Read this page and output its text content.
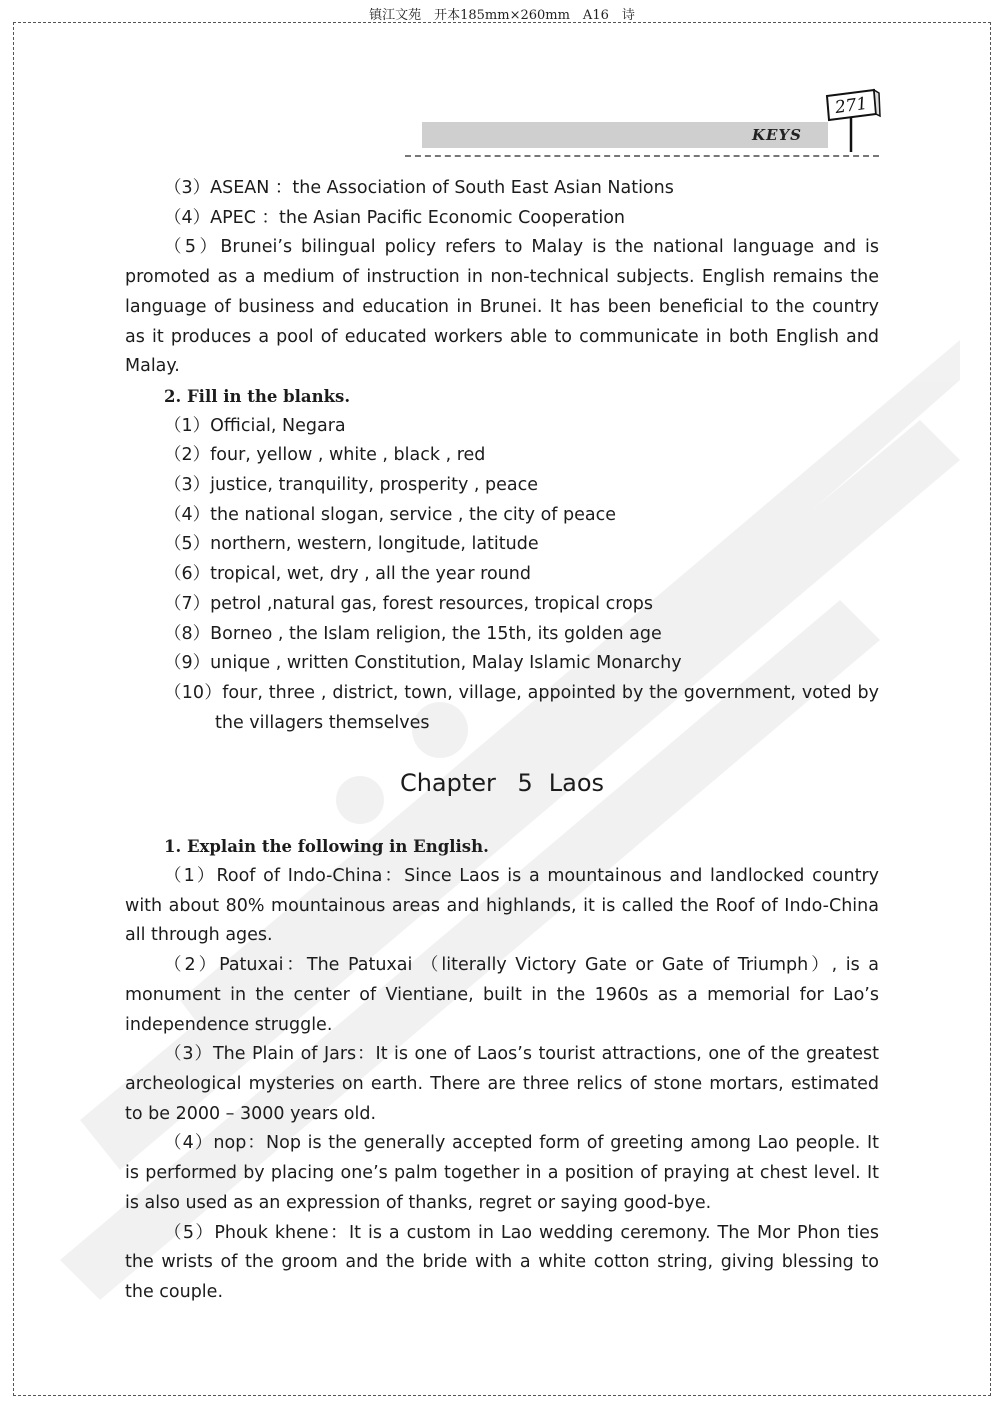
镇江文苑　开本185mm×260mm　A16　诗
KEYS
271

（3）ASEAN ：the Association of South East Asian Nations

（4）APEC ：the Asian Pacific Economic Cooperation

（5）Brunei’s bilingual policy refers to Malay is the national language and is promoted as a medium of instruction in non-technical subjects. English remains the language of business and education in Brunei. It has been beneficial to the country as it produces a pool of educated workers able to communicate in both English and Malay.

2. Fill in the blanks.

（1）Official, Negara

（2）four, yellow , white , black , red

（3）justice, tranquility, prosperity , peace

（4）the national slogan, service , the city of peace

（5）northern, western, longitude, latitude

（6）tropical, wet, dry , all the year round

（7）petrol ,natural gas, forest resources, tropical crops

（8）Borneo , the Islam religion, the 15th, its golden age

（9）unique , written Constitution, Malay Islamic Monarchy

（10）four, three , district, town, village, appointed by the government, voted by the villagers themselves

Chapter 5 Laos

1. Explain the following in English.

（1）Roof of Indo-China：Since Laos is a mountainous and landlocked country with about 80% mountainous areas and highlands, it is called the Roof of Indo-China all through ages.

（2）Patuxai：The Patuxai （literally Victory Gate or Gate of Triumph）, is a monument in the center of Vientiane, built in the 1960s as a memorial for Lao’s independence struggle.

（3）The Plain of Jars：It is one of Laos’s tourist attractions, one of the greatest archeological mysteries on earth. There are three relics of stone mortars, estimated to be 2000 – 3000 years old.

（4）nop：Nop is the generally accepted form of greeting among Lao people. It is performed by placing one’s palm together in a position of praying at chest level. It is also used as an expression of thanks, regret or saying good-bye.

（5）Phouk khene：It is a custom in Lao wedding ceremony. The Mor Phon ties the wrists of the groom and the bride with a white cotton string, giving blessing to the couple.
